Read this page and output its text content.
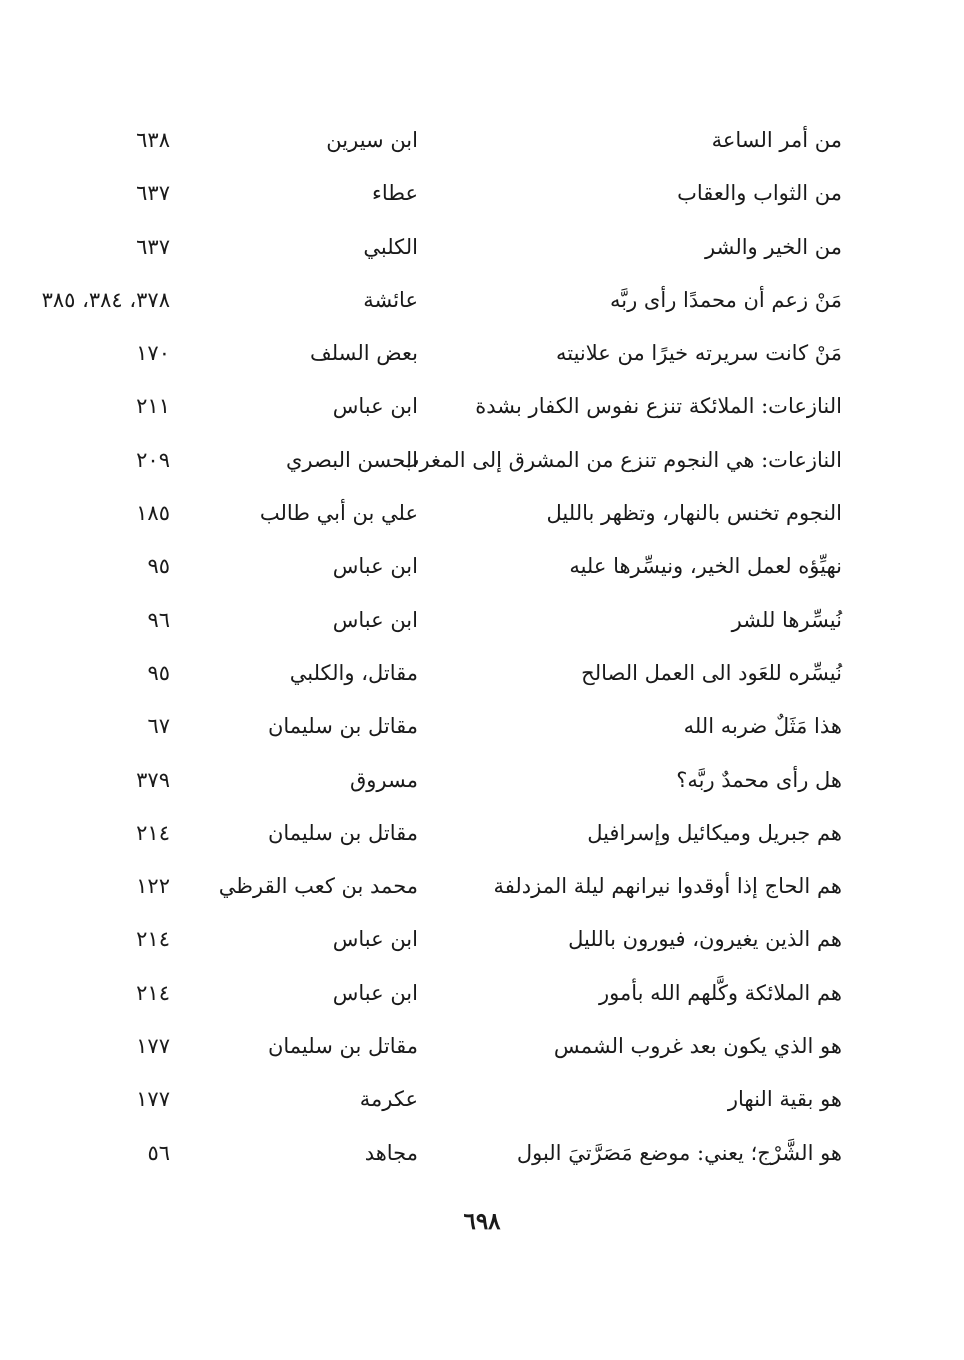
من أمر الساعة
ابن سيرين
٦٣٨
من الثواب والعقاب
عطاء
٦٣٧
من الخير والشر
الكلبي
٦٣٧
مَنْ زعم أن محمدًا رأى ربَّه
عائشة
٣٧٨، ٣٨٤، ٣٨٥
مَنْ كانت سريرته خيرًا من علانيته
بعض السلف
١٧٠
النازعات: الملائكة تنزع نفوس الكفار بشدة
ابن عباس
٢١١
النازعات: هي النجوم تنزع من المشرق إلى المغرب
الحسن البصري
٢٠٩
النجوم تخنس بالنهار، وتظهر بالليل
علي بن أبي طالب
١٨٥
نهيِّؤه لعمل الخير، ونيسِّرها عليه
ابن عباس
٩٥
نُيسِّرها للشر
ابن عباس
٩٦
نُيسِّره للعَود الى العمل الصالح
مقاتل، والكلبي
٩٥
هذا مَثَلٌ ضربه الله
مقاتل بن سليمان
٦٧
هل رأى محمدٌ ربَّه؟
مسروق
٣٧٩
هم جبريل وميكائيل وإسرافيل
مقاتل بن سليمان
٢١٤
هم الحاج إذا أوقدوا نيرانهم ليلة المزدلفة
محمد بن كعب القرظي
١٢٢
هم الذين يغيرون، فيورون بالليل
ابن عباس
٢١٤
هم الملائكة وكَّلهم الله بأمور
ابن عباس
٢١٤
هو الذي يكون بعد غروب الشمس
مقاتل بن سليمان
١٧٧
هو بقية النهار
عكرمة
١٧٧
هو الشَّرْج؛ يعني: موضع مَصَرَّتيَ البول
مجاهد
٥٦
٦٩٨
